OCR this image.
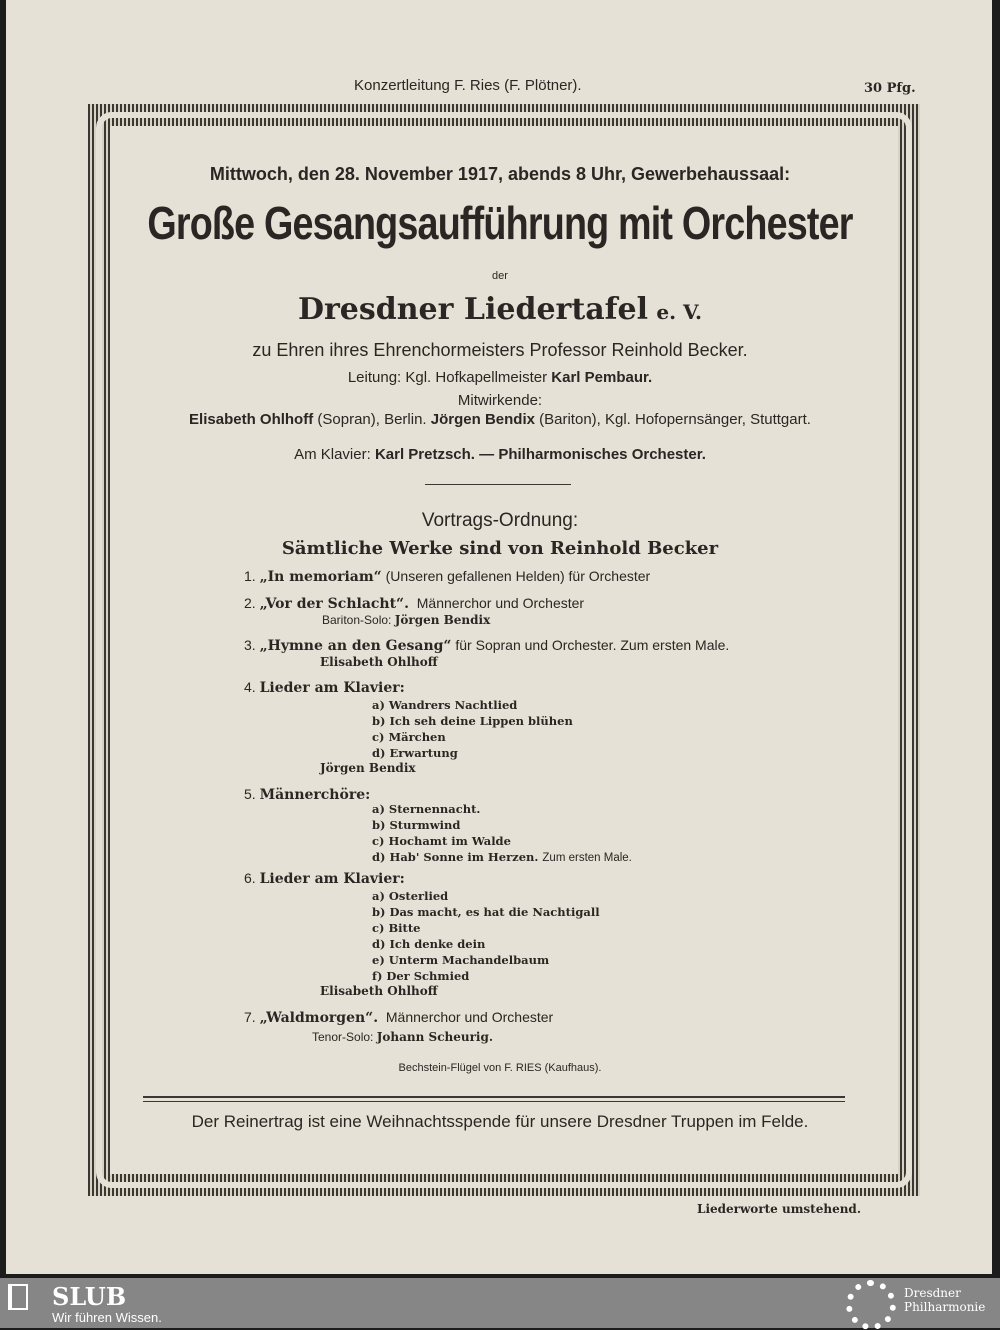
Konzertleitung F. Ries (F. Plötner).	30 Pfg.
Mittwoch, den 28. November 1917, abends 8 Uhr, Gewerbehaussaal:
Große Gesangsaufführung mit Orchester
der
Dresdner Liedertafel e. V.
zu Ehren ihres Ehrenchormeisters Professor Reinhold Becker.
Leitung: Kgl. Hofkapellmeister Karl Pembaur.
Mitwirkende:
Elisabeth Ohlhoff (Sopran), Berlin. Jörgen Bendix (Bariton), Kgl. Hofopernsänger, Stuttgart.
Am Klavier: Karl Pretzsch. — Philharmonisches Orchester.
Vortrags-Ordnung:
Sämtliche Werke sind von Reinhold Becker
1. „In memoriam“ (Unseren gefallenen Helden) für Orchester
2. „Vor der Schlacht“. Männerchor und Orchester
Bariton-Solo: Jörgen Bendix
3. „Hymne an den Gesang“ für Sopran und Orchester. Zum ersten Male.
Elisabeth Ohlhoff
4. Lieder am Klavier:
a) Wandrers Nachtlied
b) Ich seh deine Lippen blühen
c) Märchen
d) Erwartung
Jörgen Bendix
5. Männerchöre:
a) Sternennacht.
b) Sturmwind
c) Hochamt im Walde
d) Hab' Sonne im Herzen. Zum ersten Male.
6. Lieder am Klavier:
a) Osterlied
b) Das macht, es hat die Nachtigall
c) Bitte
d) Ich denke dein
e) Unterm Machandelbaum
f) Der Schmied
Elisabeth Ohlhoff
7. „Waldmorgen“. Männerchor und Orchester
Tenor-Solo: Johann Scheurig.
Bechstein-Flügel von F. RIES (Kaufhaus).
Der Reinertrag ist eine Weihnachtsspende für unsere Dresdner Truppen im Felde.
Liederworte umstehend.
SLUB
Wir führen Wissen.
Dresdner
Philharmonie
